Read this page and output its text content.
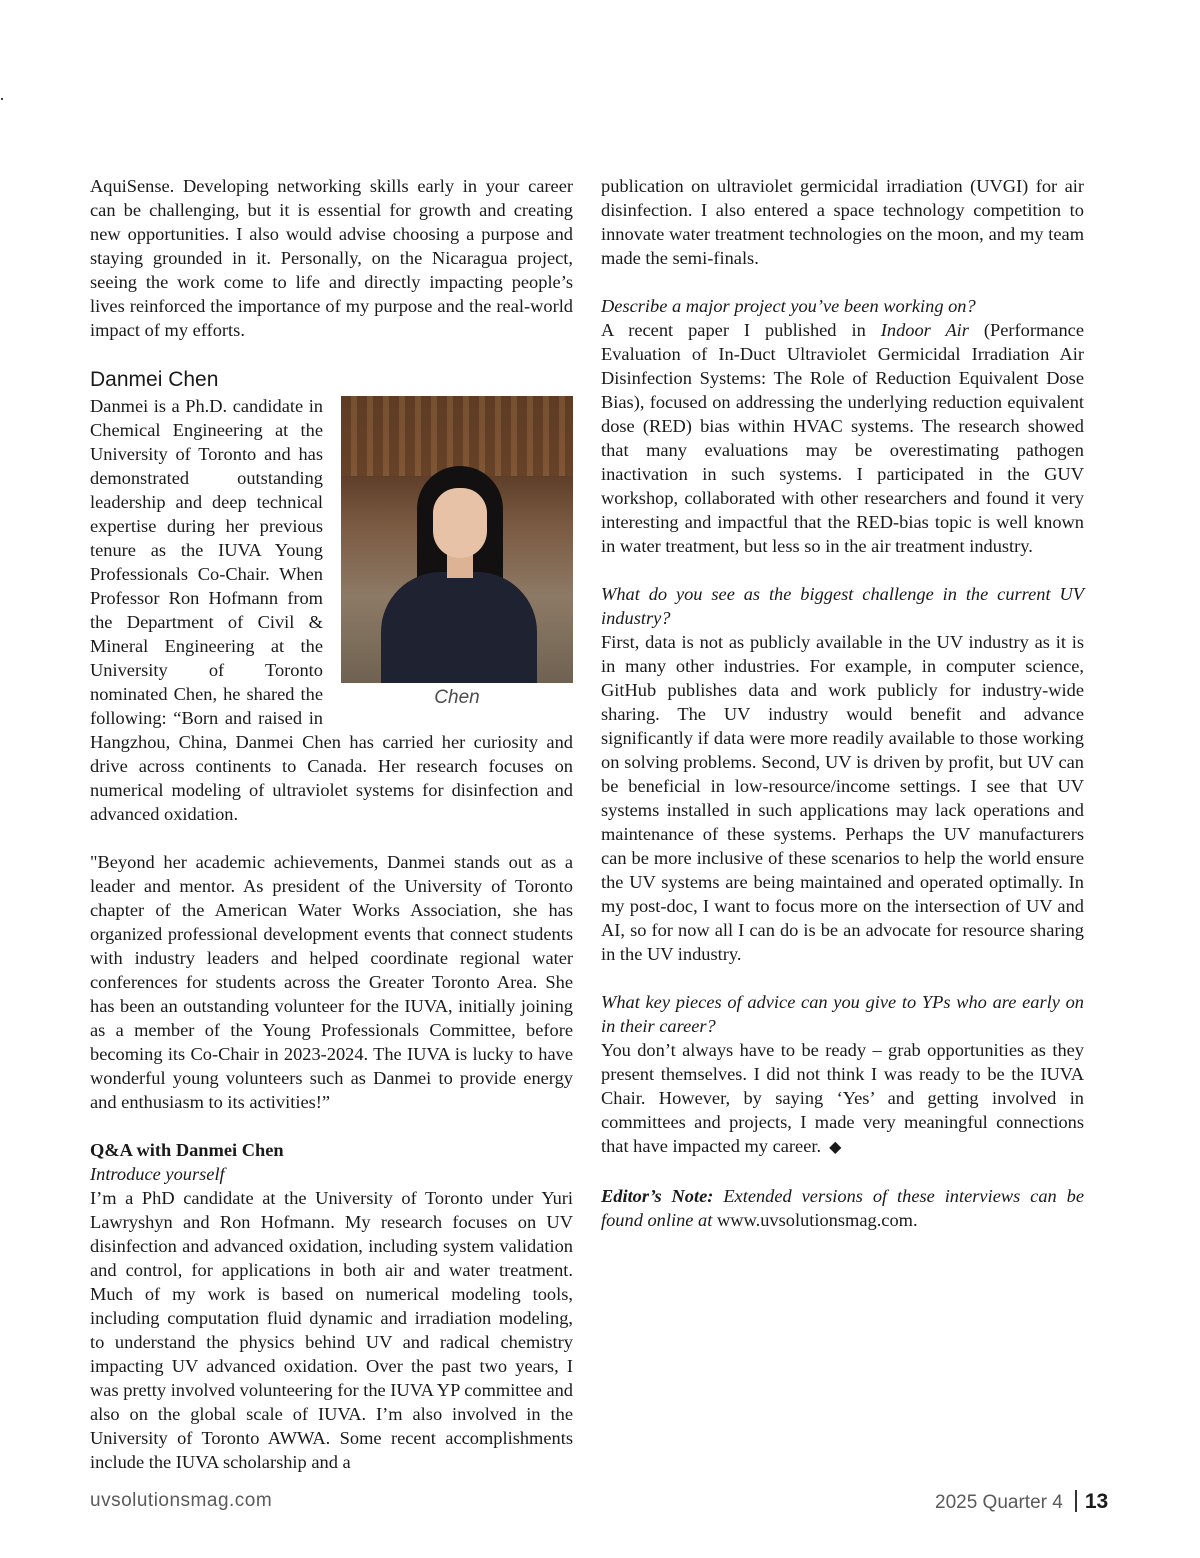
AquiSense. Developing networking skills early in your career can be challenging, but it is essential for growth and creating new opportunities. I also would advise choosing a purpose and staying grounded in it. Personally, on the Nicaragua project, seeing the work come to life and directly impacting people’s lives reinforced the importance of my purpose and the real-world impact of my efforts.

Danmei Chen
Chen

Danmei is a Ph.D. candidate in Chemical Engineering at the University of Toronto and has demonstrated outstanding leadership and deep technical expertise during her previous tenure as the IUVA Young Professionals Co-Chair. When Professor Ron Hofmann from the Department of Civil & Mineral Engineering at the University of Toronto nominated Chen, he shared the following: “Born and raised in Hangzhou, China, Danmei Chen has carried her curiosity and drive across continents to Canada. Her research focuses on numerical modeling of ultraviolet systems for disinfection and advanced oxidation.

"Beyond her academic achievements, Danmei stands out as a leader and mentor. As president of the University of Toronto chapter of the American Water Works Association, she has organized professional development events that connect students with industry leaders and helped coordinate regional water conferences for students across the Greater Toronto Area. She has been an outstanding volunteer for the IUVA, initially joining as a member of the Young Professionals Committee, before becoming its Co-Chair in 2023-2024. The IUVA is lucky to have wonderful young volunteers such as Danmei to provide energy and enthusiasm to its activities!”

Q&A with Danmei Chen

Introduce yourself

I’m a PhD candidate at the University of Toronto under Yuri Lawryshyn and Ron Hofmann. My research focuses on UV disinfection and advanced oxidation, including system validation and control, for applications in both air and water treatment. Much of my work is based on numerical modeling tools, including computation fluid dynamic and irradiation modeling, to understand the physics behind UV and radical chemistry impacting UV advanced oxidation. Over the past two years, I was pretty involved volunteering for the IUVA YP committee and also on the global scale of IUVA. I’m also involved in the University of Toronto AWWA. Some recent accomplishments include the IUVA scholarship and a

publication on ultraviolet germicidal irradiation (UVGI) for air disinfection. I also entered a space technology competition to innovate water treatment technologies on the moon, and my team made the semi-finals.

Describe a major project you’ve been working on?

A recent paper I published in Indoor Air (Performance Evaluation of In-Duct Ultraviolet Germicidal Irradiation Air Disinfection Systems: The Role of Reduction Equivalent Dose Bias), focused on addressing the underlying reduction equivalent dose (RED) bias within HVAC systems. The research showed that many evaluations may be overestimating pathogen inactivation in such systems. I participated in the GUV workshop, collaborated with other researchers and found it very interesting and impactful that the RED-bias topic is well known in water treatment, but less so in the air treatment industry.

What do you see as the biggest challenge in the current UV industry?

First, data is not as publicly available in the UV industry as it is in many other industries. For example, in computer science, GitHub publishes data and work publicly for industry-wide sharing. The UV industry would benefit and advance significantly if data were more readily available to those working on solving problems. Second, UV is driven by profit, but UV can be beneficial in low-resource/income settings. I see that UV systems installed in such applications may lack operations and maintenance of these systems. Perhaps the UV manufacturers can be more inclusive of these scenarios to help the world ensure the UV systems are being maintained and operated optimally. In my post-doc, I want to focus more on the intersection of UV and AI, so for now all I can do is be an advocate for resource sharing in the UV industry.

What key pieces of advice can you give to YPs who are early on in their career?

You don’t always have to be ready – grab opportunities as they present themselves. I did not think I was ready to be the IUVA Chair. However, by saying ‘Yes’ and getting involved in committees and projects, I made very meaningful connections that have impacted my career. ◆

Editor’s Note: Extended versions of these interviews can be found online at www.uvsolutionsmag.com.

uvsolutionsmag.com	2025 Quarter 4 13
